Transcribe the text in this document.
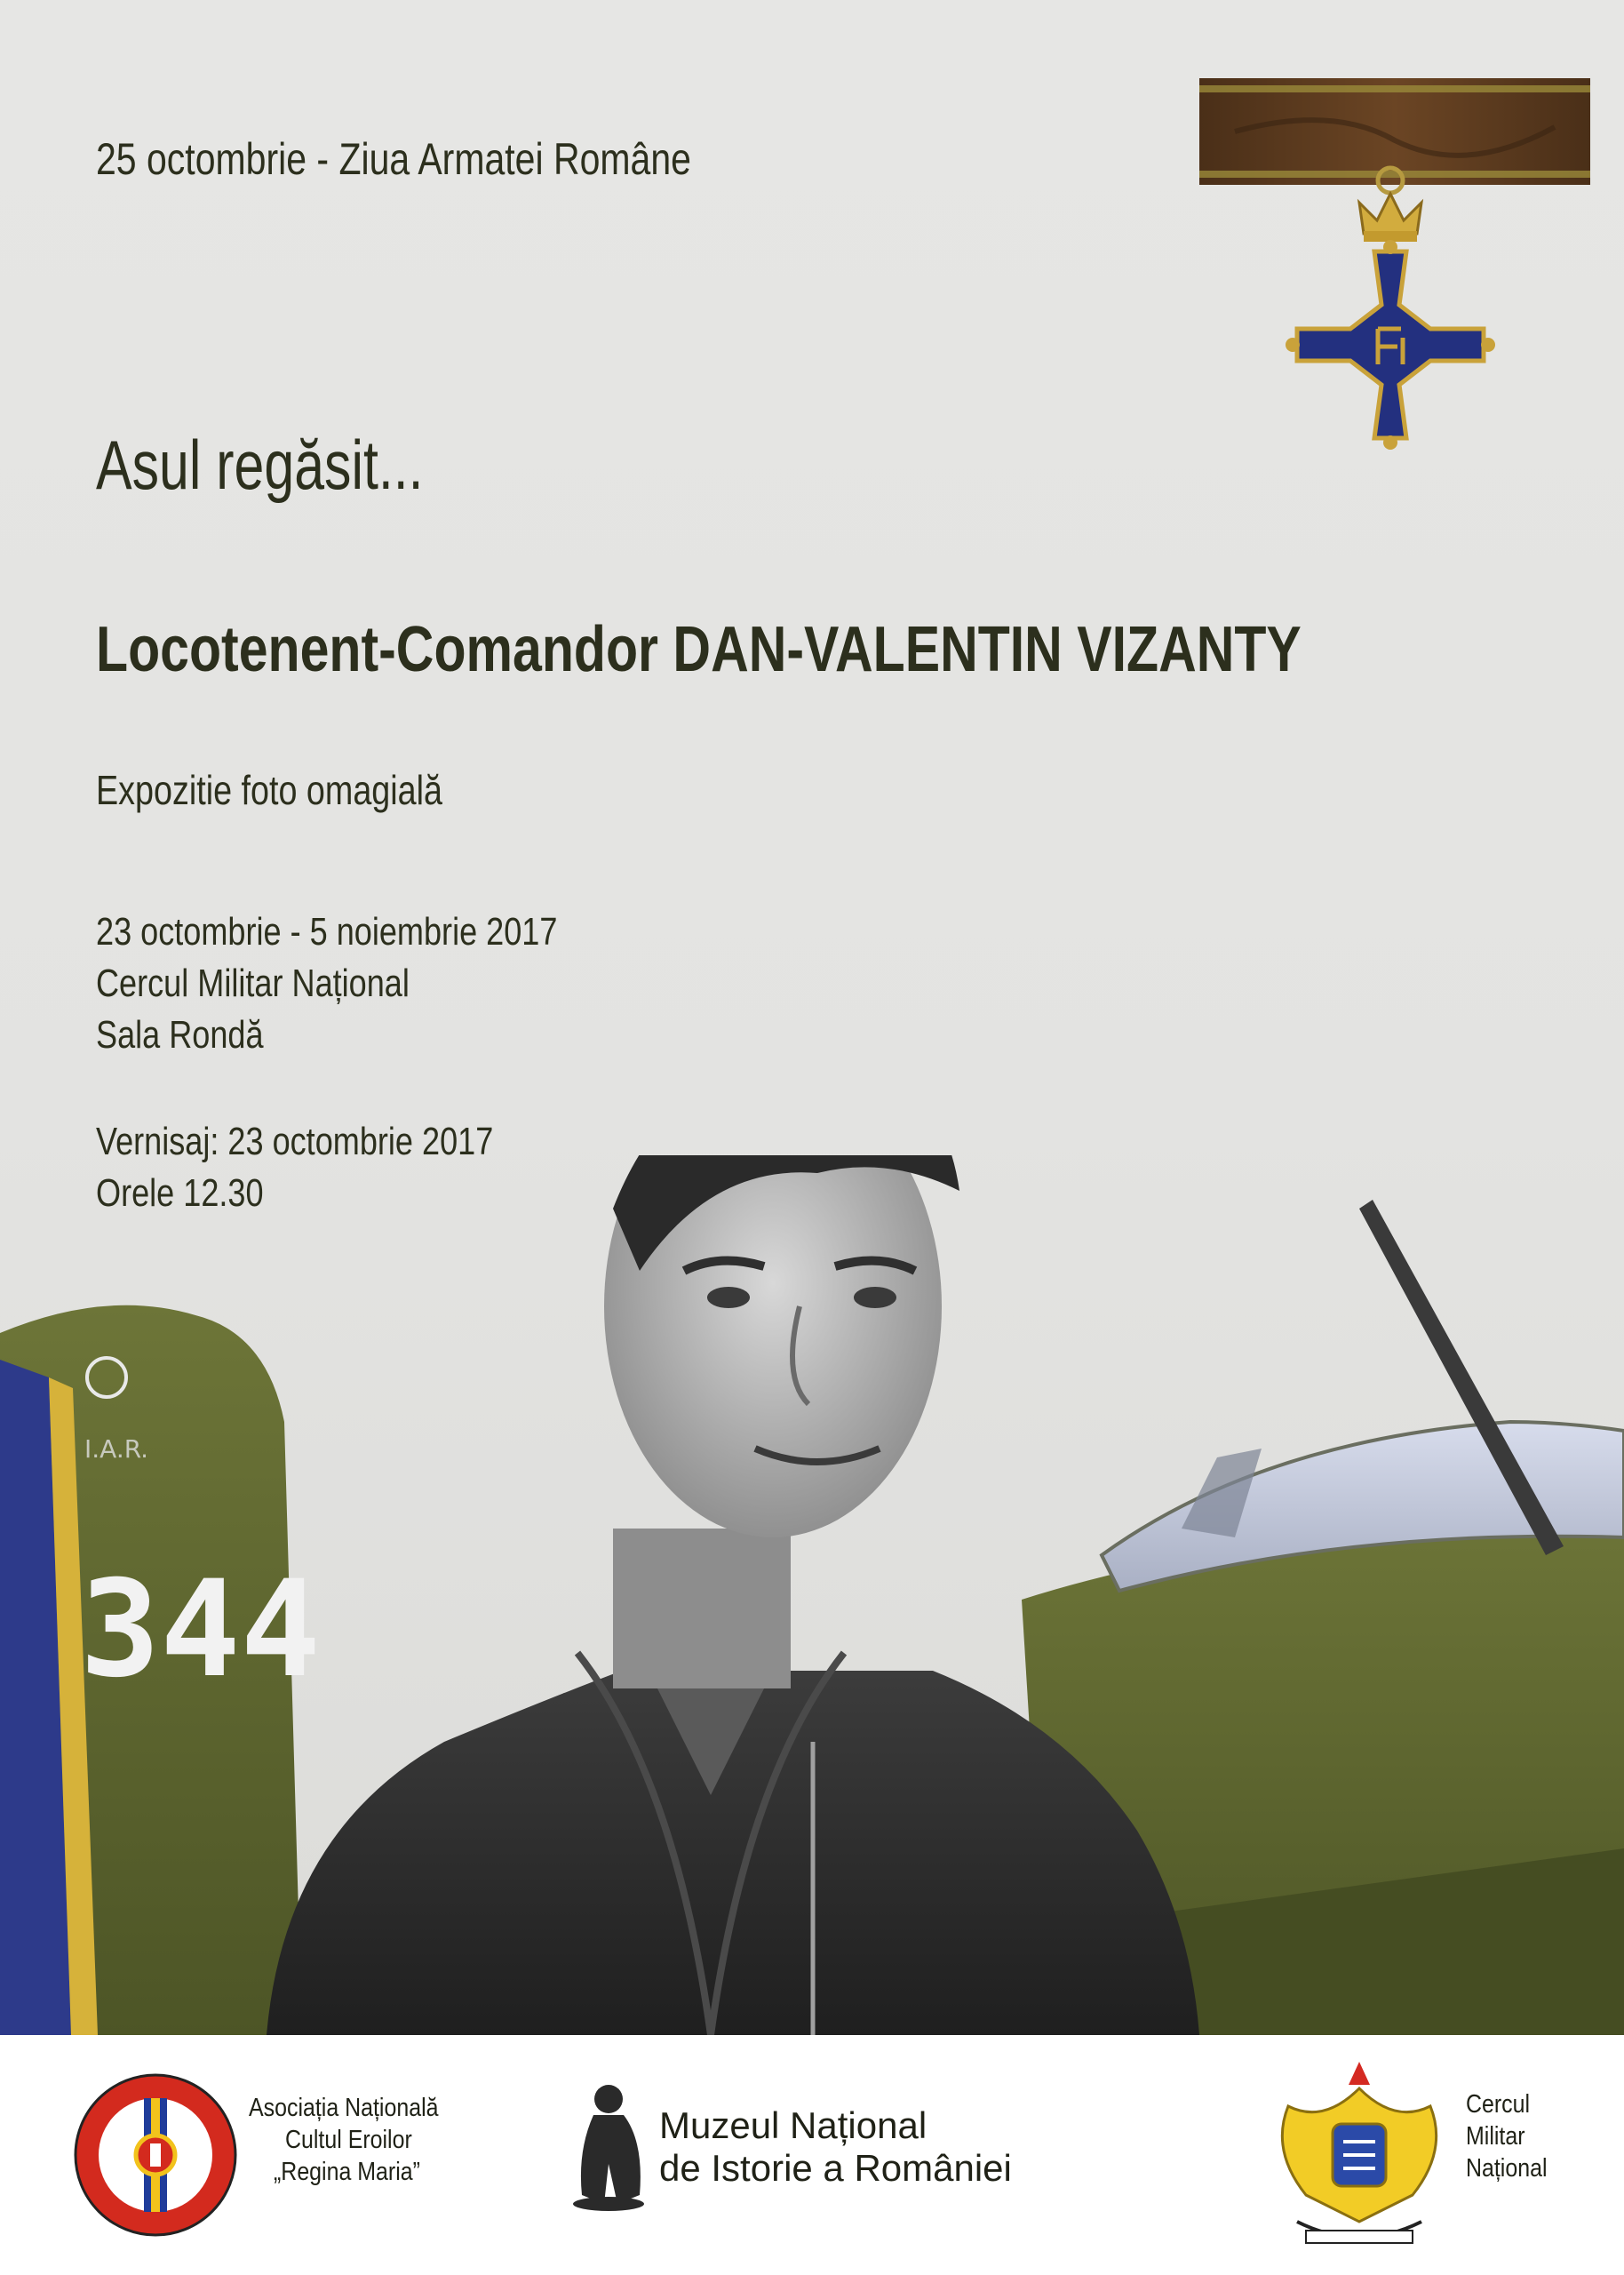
25 octombrie - Ziua Armatei Române
Asul regăsit...
Locotenent-Comandor DAN-VALENTIN VIZANTY
Expozitie foto omagială
23 octombrie - 5 noiembrie 2017
Cercul Militar Național
Sala Rondă
Vernisaj: 23 octombrie 2017
Orele 12.30
I.A.R.
344
Asociația Națională
Cultul Eroilor
„Regina Maria”
Muzeul Național
de Istorie a României
Cercul
Militar
Național
